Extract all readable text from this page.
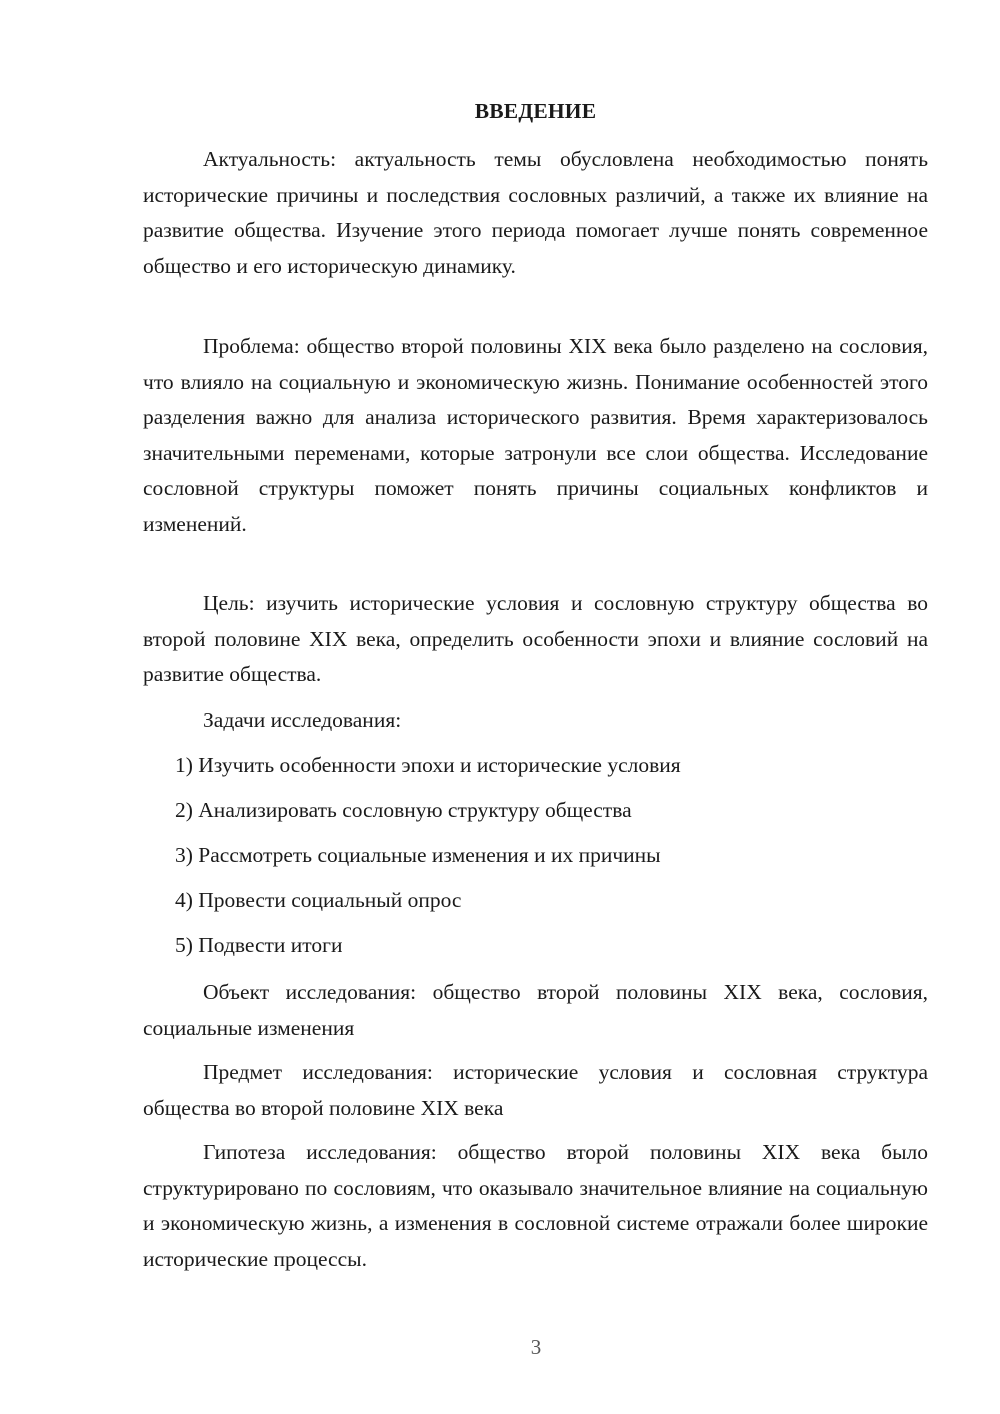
ВВЕДЕНИЕ

Актуальность: актуальность темы обусловлена необходимостью понять исторические причины и последствия сословных различий, а также их влияние на развитие общества. Изучение этого периода помогает лучше понять современное общество и его историческую динамику.

Проблема: общество второй половины XIX века было разделено на сословия, что влияло на социальную и экономическую жизнь. Понимание особенностей этого разделения важно для анализа исторического развития. Время характеризовалось значительными переменами, которые затронули все слои общества. Исследование сословной структуры поможет понять причины социальных конфликтов и изменений.

Цель: изучить исторические условия и сословную структуру общества во второй половине XIX века, определить особенности эпохи и влияние сословий на развитие общества.

Задачи исследования:
1) Изучить особенности эпохи и исторические условия
2) Анализировать сословную структуру общества
3) Рассмотреть социальные изменения и их причины
4) Провести социальный опрос
5) Подвести итоги

Объект исследования: общество второй половины XIX века, сословия, социальные изменения

Предмет исследования: исторические условия и сословная структура общества во второй половине XIX века

Гипотеза исследования: общество второй половины XIX века было структурировано по сословиям, что оказывало значительное влияние на социальную и экономическую жизнь, а изменения в сословной системе отражали более широкие исторические процессы.

3
